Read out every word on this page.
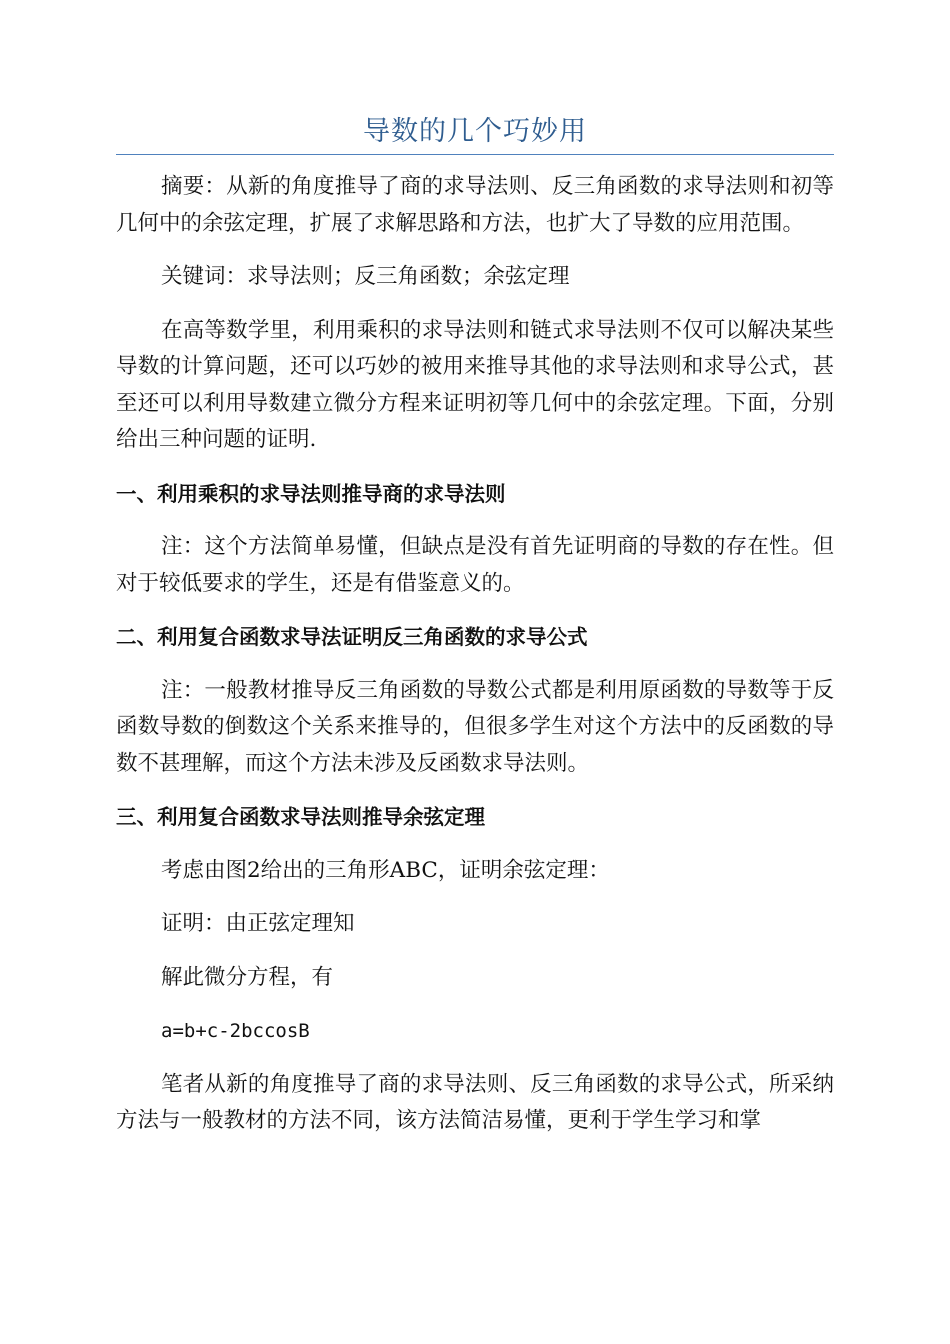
导数的几个巧妙用

摘要：从新的角度推导了商的求导法则、反三角函数的求导法则和初等几何中的余弦定理，扩展了求解思路和方法，也扩大了导数的应用范围。

关键词：求导法则；反三角函数；余弦定理

在高等数学里，利用乘积的求导法则和链式求导法则不仅可以解决某些导数的计算问题，还可以巧妙的被用来推导其他的求导法则和求导公式，甚至还可以利用导数建立微分方程来证明初等几何中的余弦定理。下面，分别给出三种问题的证明.

一、利用乘积的求导法则推导商的求导法则

注：这个方法简单易懂，但缺点是没有首先证明商的导数的存在性。但对于较低要求的学生，还是有借鉴意义的。

二、利用复合函数求导法证明反三角函数的求导公式

注：一般教材推导反三角函数的导数公式都是利用原函数的导数等于反函数导数的倒数这个关系来推导的，但很多学生对这个方法中的反函数的导数不甚理解，而这个方法未涉及反函数求导法则。

三、利用复合函数求导法则推导余弦定理

考虑由图2给出的三角形ABC，证明余弦定理：

证明：由正弦定理知

解此微分方程，有

a=b+c-2bccosB

笔者从新的角度推导了商的求导法则、反三角函数的求导公式，所采纳方法与一般教材的方法不同，该方法简洁易懂，更利于学生学习和掌
